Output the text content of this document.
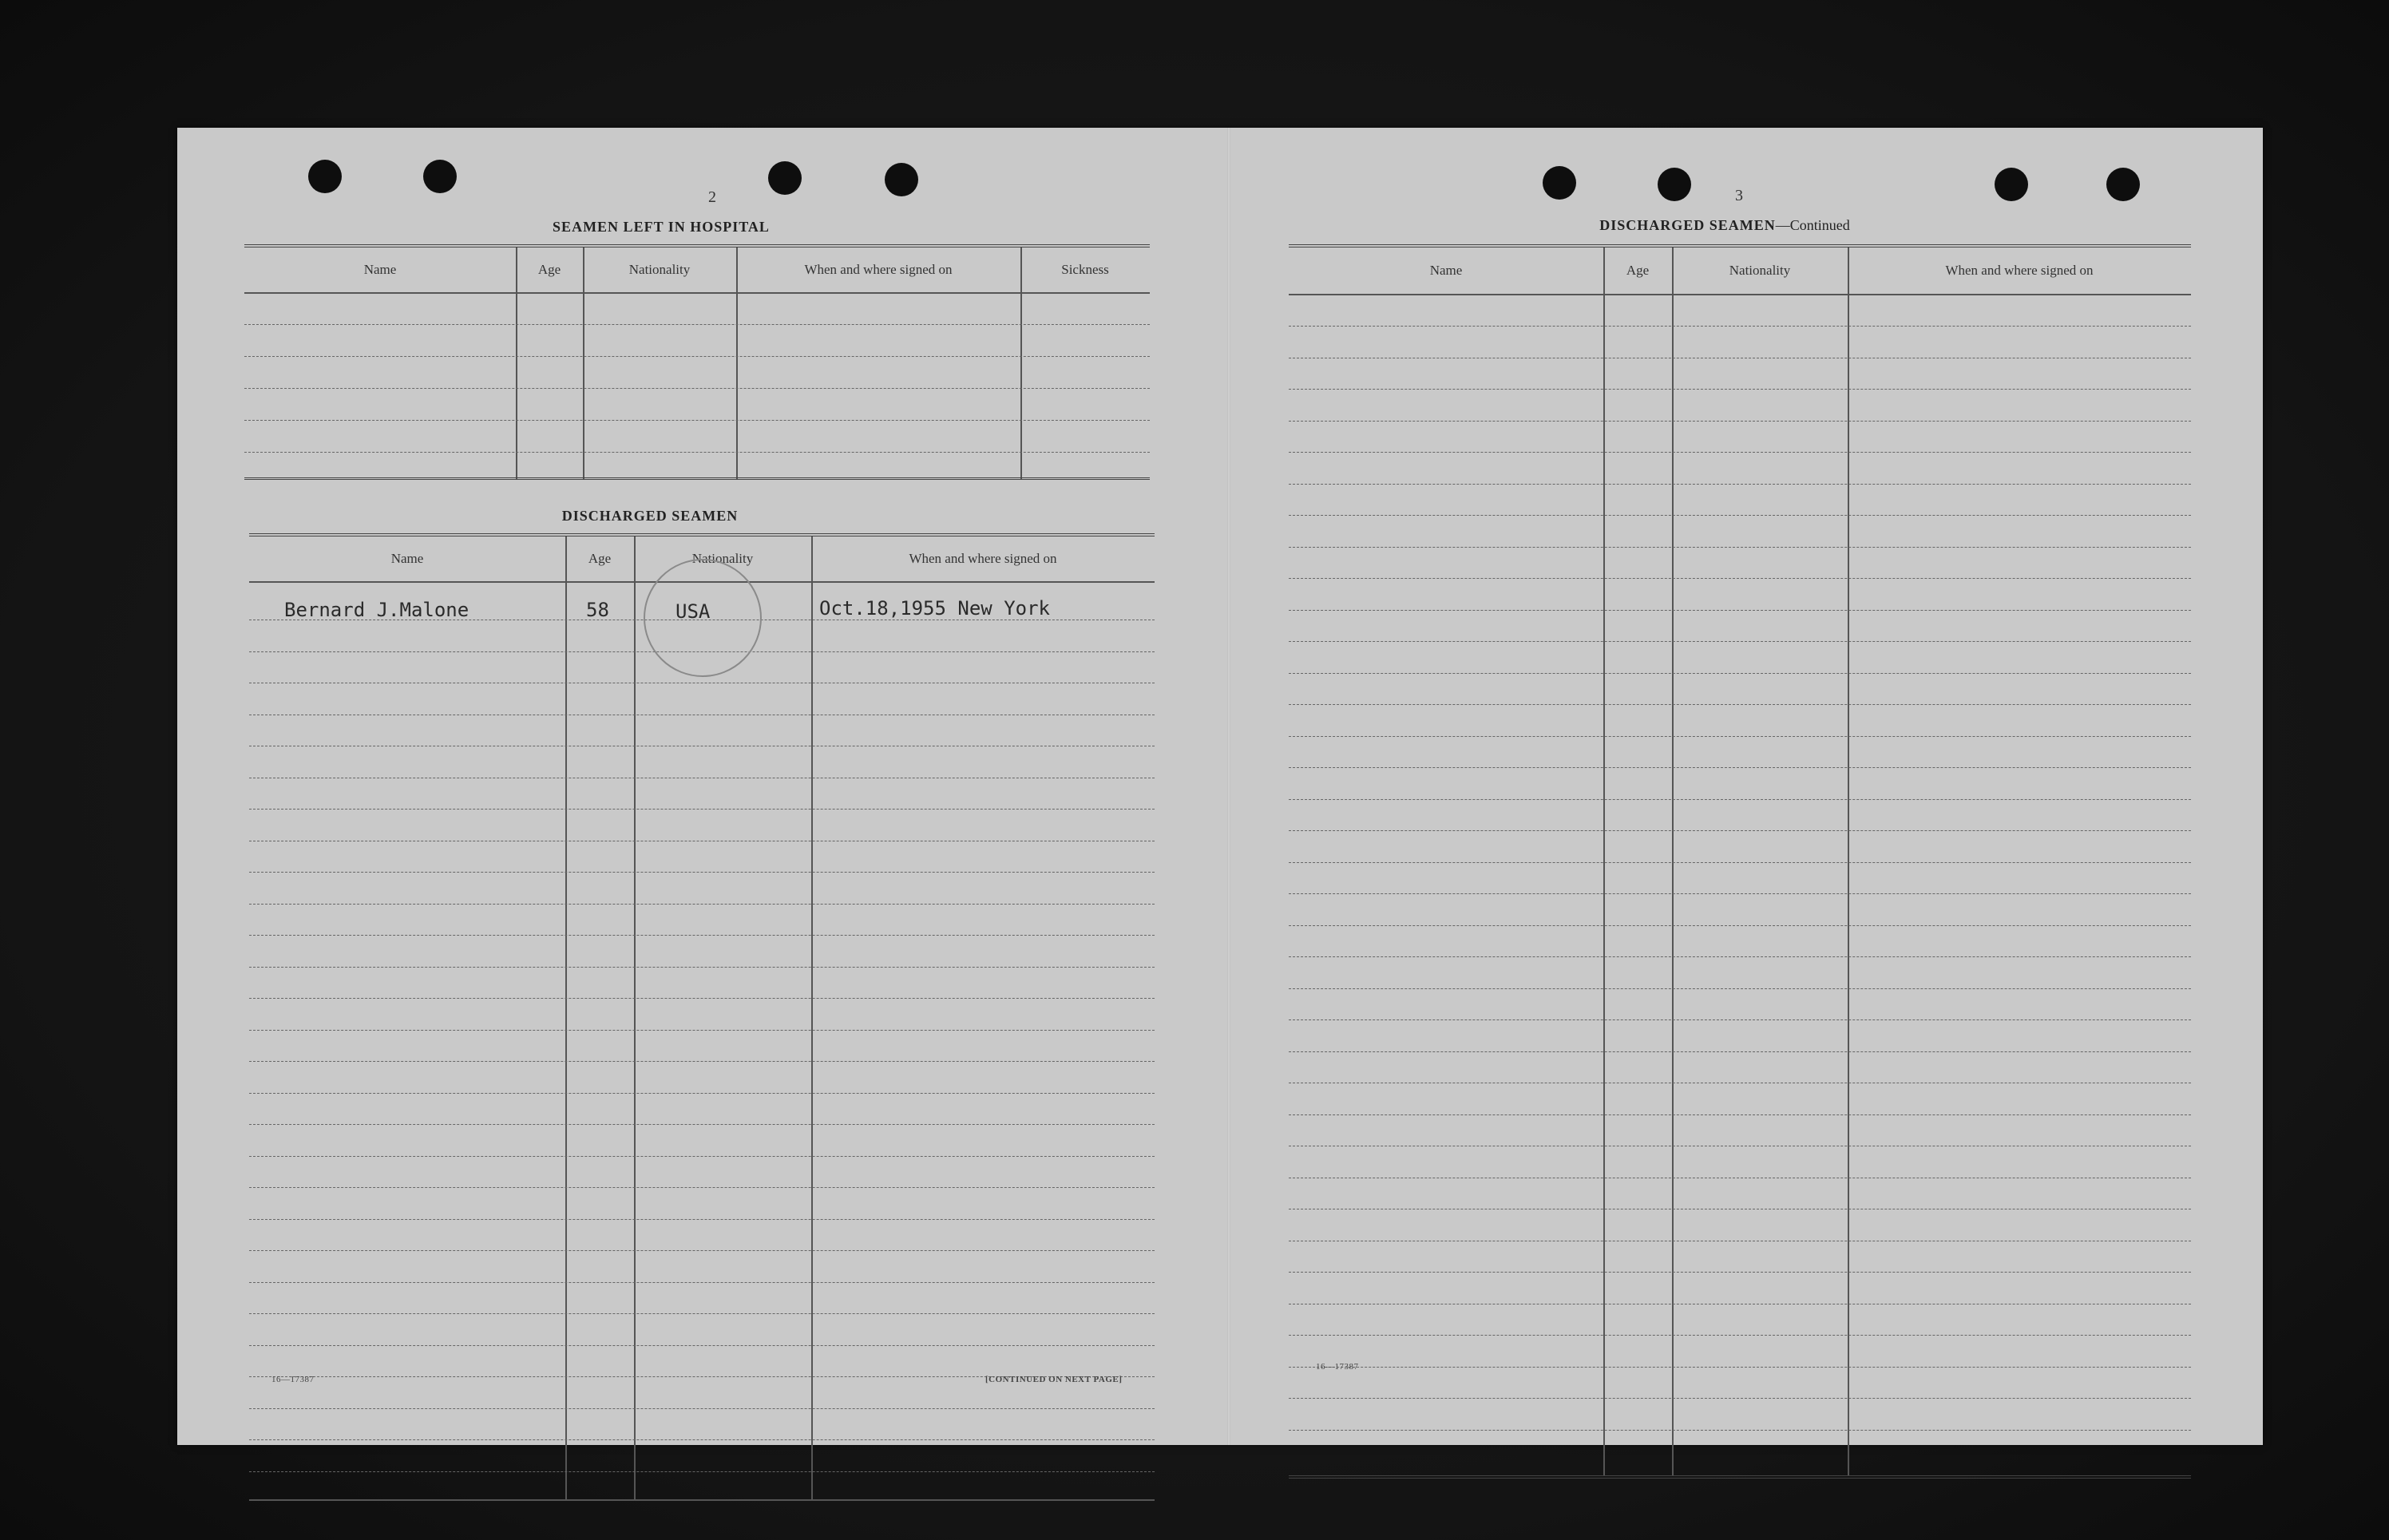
2
SEAMEN LEFT IN HOSPITAL
Name	Age	Nationality	When and where signed on	Sickness
DISCHARGED SEAMEN
Name	Age	Nationality	When and where signed on
Bernard J.Malone	58	USA	Oct.18,1955 New York
16—17387	[CONTINUED ON NEXT PAGE]
3
DISCHARGED SEAMEN—Continued
Name	Age	Nationality	When and where signed on
16—17387
